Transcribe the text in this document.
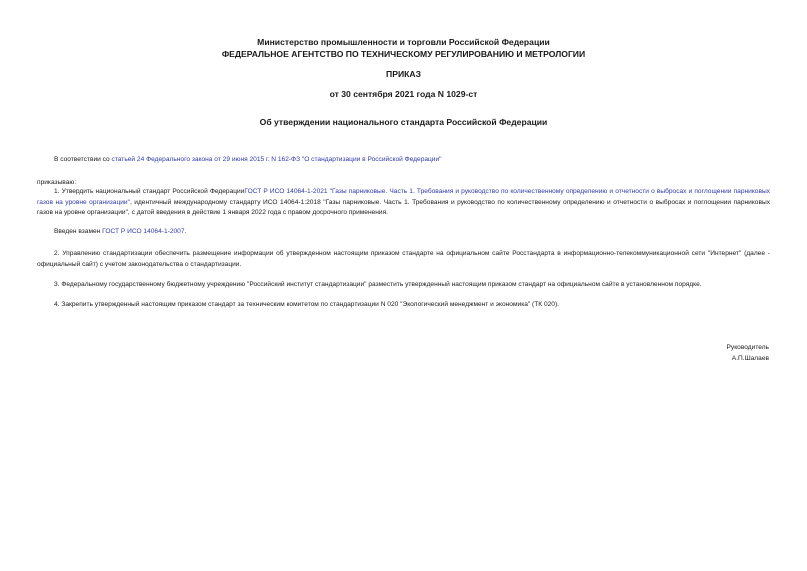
Министерство промышленности и торговли Российской Федерации
ФЕДЕРАЛЬНОЕ АГЕНТСТВО ПО ТЕХНИЧЕСКОМУ РЕГУЛИРОВАНИЮ И МЕТРОЛОГИИ
ПРИКАЗ
от 30 сентября 2021 года N 1029-ст
Об утверждении национального стандарта Российской Федерации
В соответствии со статьей 24 Федерального закона от 29 июня 2015 г. N 162-ФЗ "О стандартизации в Российской Федерации"
приказываю:
1. Утвердить национальный стандарт Российской ФедерацииГОСТ Р ИСО 14064-1-2021 "Газы парниковые. Часть 1. Требования и руководство по количественному определению и отчетности о выбросах и поглощении парниковых газов на уровне организации", идентичный международному стандарту ИСО 14064-1:2018 "Газы парниковые. Часть 1. Требования и руководство по количественному определению и отчетности о выбросах и поглощении парниковых газов на уровне организации", с датой введения в действие 1 января 2022 года с правом досрочного применения.
Введен взамен ГОСТ Р ИСО 14064-1-2007.
2. Управлению стандартизации обеспечить размещение информации об утвержденном настоящим приказом стандарте на официальном сайте Росстандарта в информационно-телекоммуникационной сети "Интернет" (далее - официальный сайт) с учетом законодательства о стандартизации.
3. Федеральному государственному бюджетному учреждению "Российский институт стандартизации" разместить утвержденный настоящим приказом стандарт на официальном сайте в установленном порядке.
4. Закрепить утвержденный настоящим приказом стандарт за техническим комитетом по стандартизации N 020 "Экологический менеджмент и экономика" (ТК 020).
Руководитель
А.П.Шалаев
